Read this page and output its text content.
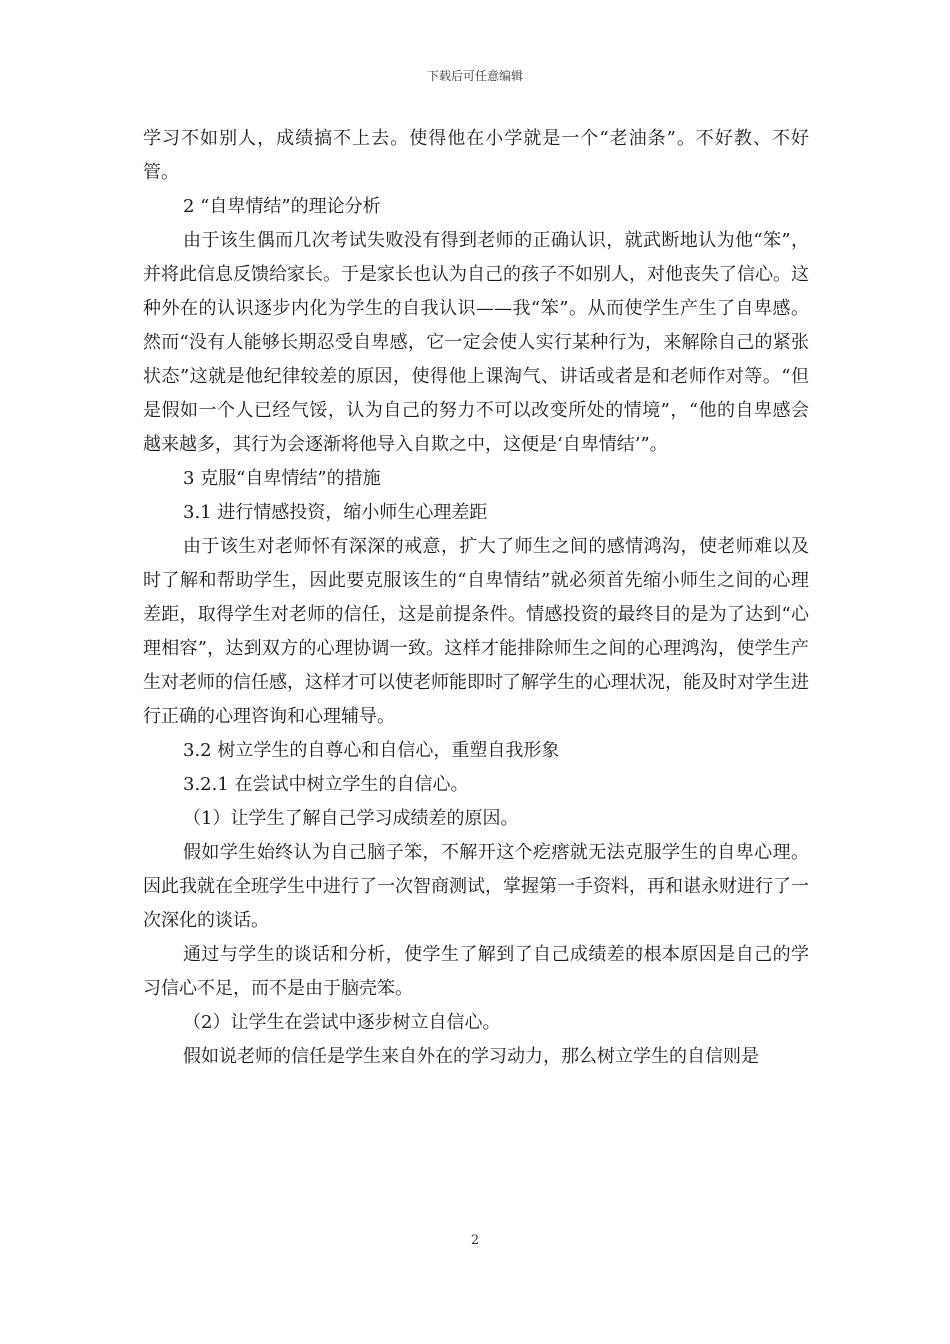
下载后可任意编辑

学习不如别人，成绩搞不上去。使得他在小学就是一个“老油条”。不好教、不好管。

2 “自卑情结”的理论分析

由于该生偶而几次考试失败没有得到老师的正确认识，就武断地认为他“笨”，并将此信息反馈给家长。于是家长也认为自己的孩子不如别人，对他丧失了信心。这种外在的认识逐步内化为学生的自我认识——我“笨”。从而使学生产生了自卑感。然而“没有人能够长期忍受自卑感，它一定会使人实行某种行为，来解除自己的紧张状态”这就是他纪律较差的原因，使得他上课淘气、讲话或者是和老师作对等。“但是假如一个人已经气馁，认为自己的努力不可以改变所处的情境”，“他的自卑感会越来越多，其行为会逐渐将他导入自欺之中，这便是‘自卑情结’”。

3 克服“自卑情结”的措施

3.1 进行情感投资，缩小师生心理差距

由于该生对老师怀有深深的戒意，扩大了师生之间的感情鸿沟，使老师难以及时了解和帮助学生，因此要克服该生的“自卑情结”就必须首先缩小师生之间的心理差距，取得学生对老师的信任，这是前提条件。情感投资的最终目的是为了达到“心理相容”，达到双方的心理协调一致。这样才能排除师生之间的心理鸿沟，使学生产生对老师的信任感，这样才可以使老师能即时了解学生的心理状况，能及时对学生进行正确的心理咨询和心理辅导。

3.2 树立学生的自尊心和自信心，重塑自我形象

3.2.1 在尝试中树立学生的自信心。

（1）让学生了解自己学习成绩差的原因。

假如学生始终认为自己脑子笨，不解开这个疙瘩就无法克服学生的自卑心理。因此我就在全班学生中进行了一次智商测试，掌握第一手资料，再和谌永财进行了一次深化的谈话。

通过与学生的谈话和分析，使学生了解到了自己成绩差的根本原因是自己的学习信心不足，而不是由于脑壳笨。

（2）让学生在尝试中逐步树立自信心。

假如说老师的信任是学生来自外在的学习动力，那么树立学生的自信则是

2
